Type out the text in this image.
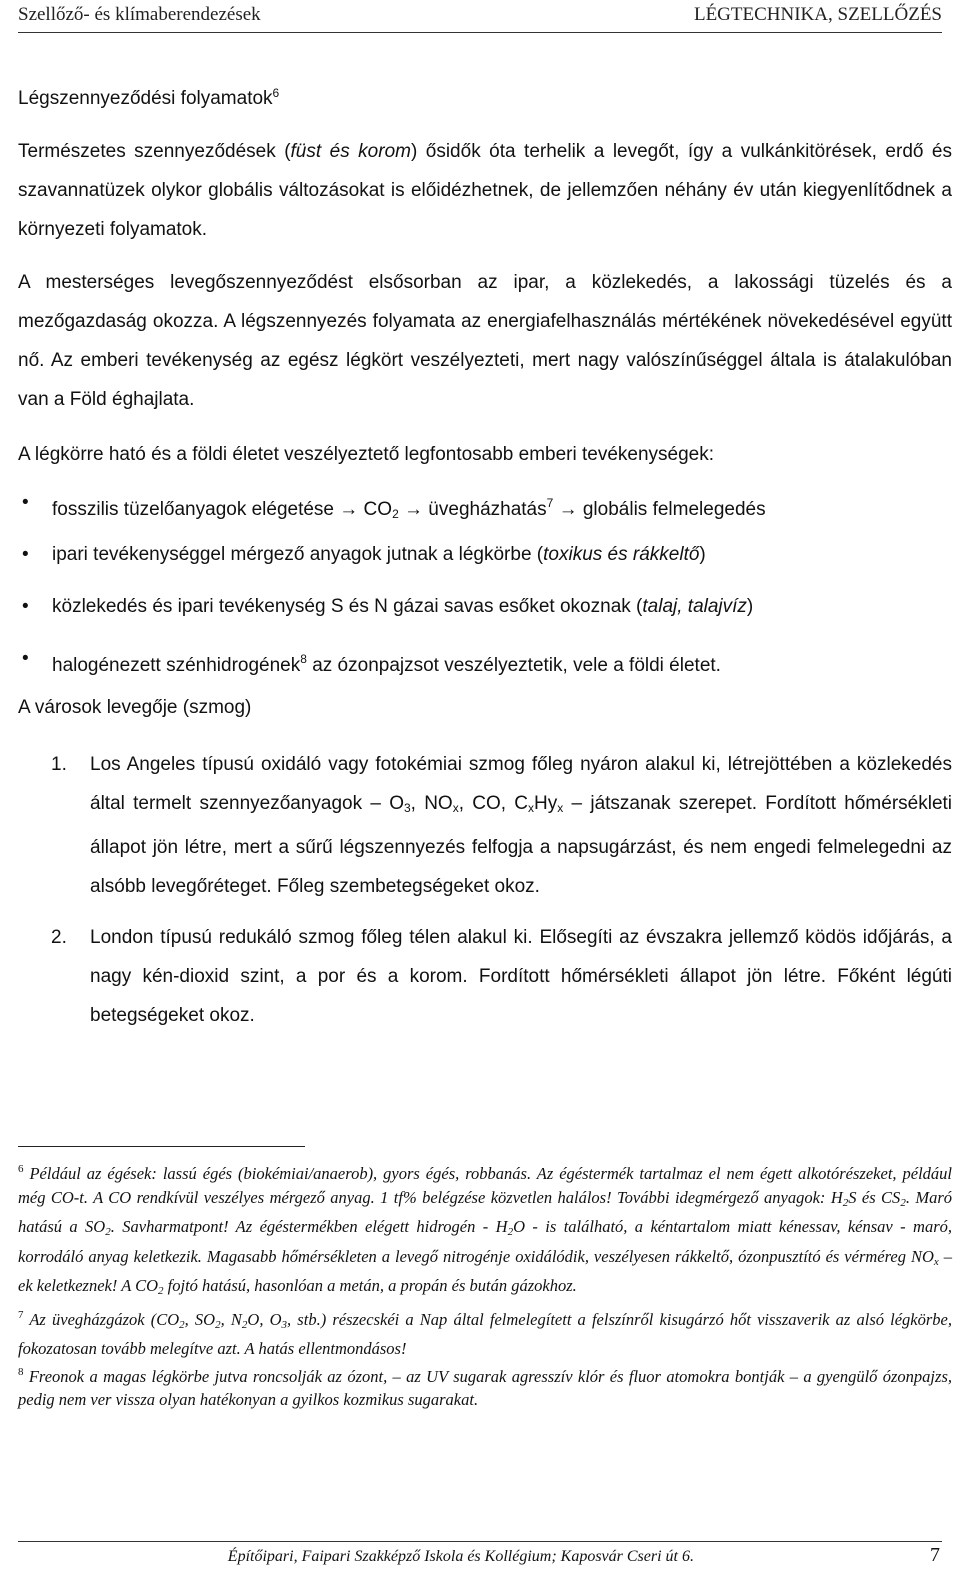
Szellőző- és klímaberendezések	LÉGTECHNIKA, SZELLŐZÉS
Légszennyeződési folyamatok$^6$
Természetes szennyeződések (füst és korom) ősidők óta terhelik a levegőt, így a vulkánkitörések, erdő és szavannatüzek olykor globális változásokat is előidézhetnek, de jellemzően néhány év után kiegyenlítődnek a környezeti folyamatok.
A mesterséges levegőszennyeződést elsősorban az ipar, a közlekedés, a lakossági tüzelés és a mezőgazdaság okozza. A légszennyezés folyamata az energiafelhasználás mértékének növekedésével együtt nő. Az emberi tevékenység az egész légkört veszélyezteti, mert nagy valószínűséggel általa is átalakulóban van a Föld éghajlata.
A légkörre ható és a földi életet veszélyeztető legfontosabb emberi tevékenységek:
• fosszilis tüzelőanyagok elégetése → $CO_2$ → üvegházhatás$^7$ → globális felmelegedés
• ipari tevékenységgel mérgező anyagok jutnak a légkörbe (toxikus és rákkeltő)
• közlekedés és ipari tevékenység S és N gázai savas esőket okoznak (talaj, talajvíz)
• halogénezett szénhidrogének$^8$ az ózonpajzsot veszélyeztetik, vele a földi életet.
A városok levegője (szmog)
1. Los Angeles típusú oxidáló vagy fotokémiai szmog főleg nyáron alakul ki, létrejöttében a közlekedés által termelt szennyezőanyagok – $O_3$, $NO_x$, CO, $C_xHy_x$ – játszanak szerepet. Fordított hőmérsékleti állapot jön létre, mert a sűrű légszennyezés felfogja a napsugárzást, és nem engedi felmelegedni az alsóbb levegőréteget. Főleg szembetegségeket okoz.
2. London típusú redukáló szmog főleg télen alakul ki. Elősegíti az évszakra jellemző ködös időjárás, a nagy kén-dioxid szint, a por és a korom. Fordított hőmérsékleti állapot jön létre. Főként légúti betegségeket okoz.

$^6$ Például az égések: lassú égés (biokémiai/anaerob), gyors égés, robbanás. Az égéstermék tartalmaz el nem égett alkotórészeket, például még CO-t. A CO rendkívül veszélyes mérgező anyag. 1 tf% belégzése közvetlen halálos! További idegmérgező anyagok: $H_2S$ és $CS_2$. Maró hatású a $SO_2$. Savharmatpont! Az égéstermékben elégett hidrogén - $H_2O$ - is található, a kéntartalom miatt kénessav, kénsav - maró, korrodáló anyag keletkezik. Magasabb hőmérsékleten a levegő nitrogénje oxidálódik, veszélyesen rákkeltő, ózonpusztító és vérméreg $NO_x$ – ek keletkeznek! A $CO_2$ fojtó hatású, hasonlóan a metán, a propán és bután gázokhoz.

$^7$ Az üvegházgázok ($CO_2$, $SO_2$, $N_2O$, $O_3$, stb.) részecskéi a Nap által felmelegített a felszínről kisugárzó hőt visszaverik az alsó légkörbe, fokozatosan tovább melegítve azt. A hatás ellentmondásos!

$^8$ Freonok a magas légkörbe jutva roncsolják az ózont, – az UV sugarak agresszív klór és fluor atomokra bontják – a gyengülő ózonpajzs, pedig nem ver vissza olyan hatékonyan a gyilkos kozmikus sugarakat.

Építőipari, Faipari Szakképző Iskola és Kollégium; Kaposvár Cseri út 6.	7
